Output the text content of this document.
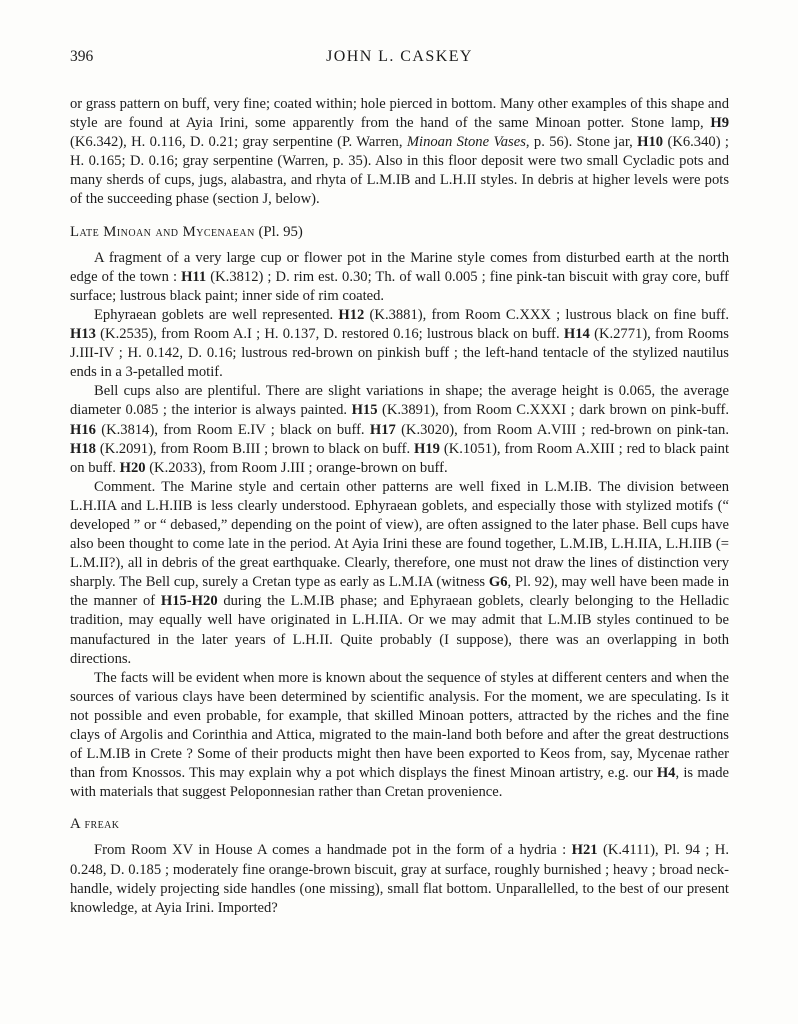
396	JOHN L. CASKEY

or grass pattern on buff, very fine; coated within; hole pierced in bottom. Many other examples of this shape and style are found at Ayia Irini, some apparently from the hand of the same Minoan potter. Stone lamp, H9 (K6.342), H. 0.116, D. 0.21; gray serpentine (P. Warren, Minoan Stone Vases, p. 56). Stone jar, H10 (K6.340) ; H. 0.165; D. 0.16; gray serpentine (Warren, p. 35). Also in this floor deposit were two small Cycladic pots and many sherds of cups, jugs, alabastra, and rhyta of L.M.IB and L.H.II styles. In debris at higher levels were pots of the succeeding phase (section J, below).

Late Minoan and Mycenaean (Pl. 95)

A fragment of a very large cup or flower pot in the Marine style comes from disturbed earth at the north edge of the town : H11 (K.3812) ; D. rim est. 0.30; Th. of wall 0.005 ; fine pink-tan biscuit with gray core, buff surface; lustrous black paint; inner side of rim coated.

Ephyraean goblets are well represented. H12 (K.3881), from Room C.XXX ; lustrous black on fine buff. H13 (K.2535), from Room A.I ; H. 0.137, D. restored 0.16; lustrous black on buff. H14 (K.2771), from Rooms J.III-IV ; H. 0.142, D. 0.16; lustrous red-brown on pinkish buff ; the left-hand tentacle of the stylized nautilus ends in a 3-petalled motif.

Bell cups also are plentiful. There are slight variations in shape; the average height is 0.065, the average diameter 0.085 ; the interior is always painted. H15 (K.3891), from Room C.XXXI ; dark brown on pink-buff. H16 (K.3814), from Room E.IV ; black on buff. H17 (K.3020), from Room A.VIII ; red-brown on pink-tan. H18 (K.2091), from Room B.III ; brown to black on buff. H19 (K.1051), from Room A.XIII ; red to black paint on buff. H20 (K.2033), from Room J.III ; orange-brown on buff.

Comment. The Marine style and certain other patterns are well fixed in L.M.IB. The division between L.H.IIA and L.H.IIB is less clearly understood. Ephyraean goblets, and especially those with stylized motifs (“ developed ” or “ debased,” depending on the point of view), are often assigned to the later phase. Bell cups have also been thought to come late in the period. At Ayia Irini these are found together, L.M.IB, L.H.IIA, L.H.IIB (= L.M.II?), all in debris of the great earthquake. Clearly, therefore, one must not draw the lines of distinction very sharply. The Bell cup, surely a Cretan type as early as L.M.IA (witness G6, Pl. 92), may well have been made in the manner of H15-H20 during the L.M.IB phase; and Ephyraean goblets, clearly belonging to the Helladic tradition, may equally well have originated in L.H.IIA. Or we may admit that L.M.IB styles continued to be manufactured in the later years of L.H.II. Quite probably (I suppose), there was an overlapping in both directions.

The facts will be evident when more is known about the sequence of styles at different centers and when the sources of various clays have been determined by scientific analysis. For the moment, we are speculating. Is it not possible and even probable, for example, that skilled Minoan potters, attracted by the riches and the fine clays of Argolis and Corinthia and Attica, migrated to the main-land both before and after the great destructions of L.M.IB in Crete ? Some of their products might then have been exported to Keos from, say, Mycenae rather than from Knossos. This may explain why a pot which displays the finest Minoan artistry, e.g. our H4, is made with materials that suggest Peloponnesian rather than Cretan provenience.

A freak

From Room XV in House A comes a handmade pot in the form of a hydria : H21 (K.4111), Pl. 94 ; H. 0.248, D. 0.185 ; moderately fine orange-brown biscuit, gray at surface, roughly burnished ; heavy ; broad neck-handle, widely projecting side handles (one missing), small flat bottom. Unparallelled, to the best of our present knowledge, at Ayia Irini. Imported?
